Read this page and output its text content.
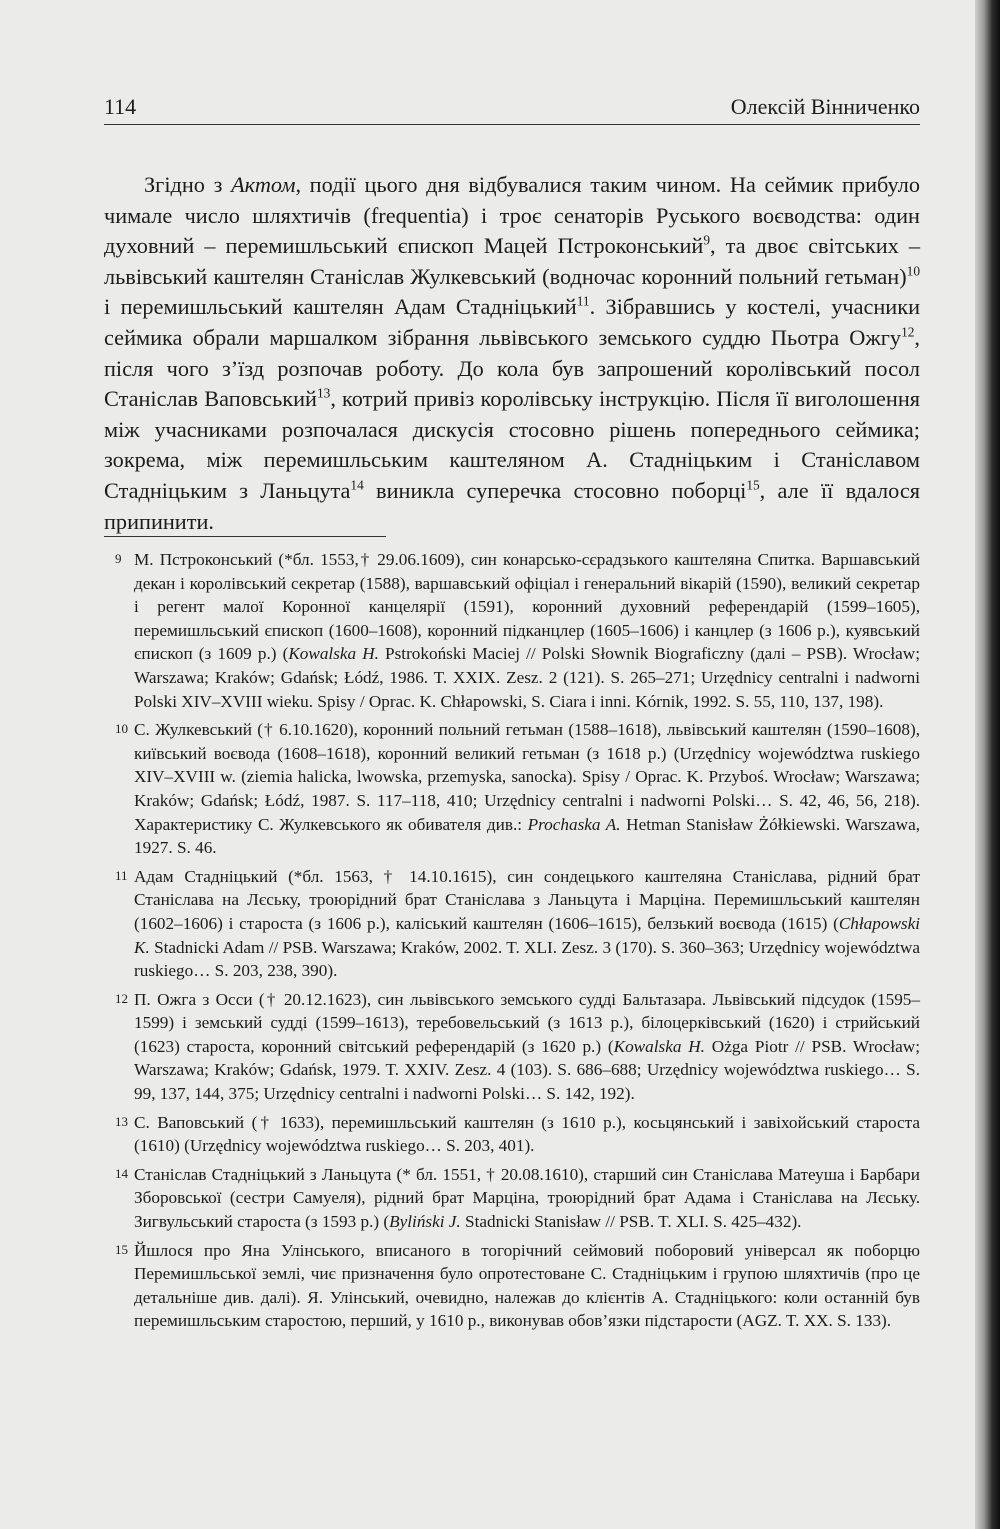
114	Олексій Вінниченко

Згідно з Актом, події цього дня відбувалися таким чином. На сеймик прибуло чимале число шляхтичів (frequentia) і троє сенаторів Руського воєводства: один духовний – перемишльський єпископ Мацей Пстроконський$^9$, та двоє світських – львівський каштелян Станіслав Жулкевський (водночас коронний польний гетьман)$^{10}$ і перемишльський каштелян Адам Стадніцький$^{11}$. Зібравшись у костелі, учасники сеймика обрали маршалком зібрання львівського земського суддю Пьотра Ожгу$^{12}$, після чого з’їзд розпочав роботу. До кола був запрошений королівський посол Станіслав Ваповський$^{13}$, котрий привіз королівську інструкцію. Після її виголошення між учасниками розпочалася дискусія стосовно рішень попереднього сеймика; зокрема, між перемишльським каштеляном А. Стадніцьким і Станіславом Стадніцьким з Ланьцута$^{14}$ виникла суперечка стосовно поборці$^{15}$, але її вдалося припинити.

9 М. Пстроконський (*бл. 1553,† 29.06.1609), син конарсько-сєрадзького каштеляна Спитка. Варшавський декан і королівський секретар (1588), варшавський офіціал і генеральний вікарій (1590), великий секретар і регент малої Коронної канцелярії (1591), коронний духовний референдарій (1599–1605), перемишльський єпископ (1600–1608), коронний підканцлер (1605–1606) і канцлер (з 1606 р.), куявський єпископ (з 1609 р.) (Kowalska H. Pstrokoński Maciej // Polski Słownik Biograficzny (далі – PSB). Wrocław; Warszawa; Kraków; Gdańsk; Łódź, 1986. T. XXIX. Zesz. 2 (121). S. 265–271; Urzędnicy centralni i nadworni Polski XIV–XVIII wieku. Spisy / Oprac. K. Chłapowski, S. Ciara i inni. Kórnik, 1992. S. 55, 110, 137, 198).
10 С. Жулкевський († 6.10.1620), коронний польний гетьман (1588–1618), львівський каштелян (1590–1608), київський воєвода (1608–1618), коронний великий гетьман (з 1618 р.) (Urzędnicy województwa ruskiego XIV–XVIII w. (ziemia halicka, lwowska, przemyska, sanocka). Spisy / Oprac. K. Przyboś. Wrocław; Warszawa; Kraków; Gdańsk; Łódź, 1987. S. 117–118, 410; Urzędnicy centralni i nadworni Polski… S. 42, 46, 56, 218). Характеристику С. Жулкевського як обивателя див.: Prochaska A. Hetman Stanisław Żółkiewski. Warszawa, 1927. S. 46.
11 Адам Стадніцький (*бл. 1563, † 14.10.1615), син сондецького каштеляна Станіслава, рідний брат Станіслава на Лєську, троюрідний брат Станіслава з Ланьцута і Марціна. Перемишльський каштелян (1602–1606) і староста (з 1606 р.), каліський каштелян (1606–1615), белзький воєвода (1615) (Chłapowski K. Stadnicki Adam // PSB. Warszawa; Kraków, 2002. T. XLI. Zesz. 3 (170). S. 360–363; Urzędnicy województwa ruskiego… S. 203, 238, 390).
12 П. Ожга з Осси († 20.12.1623), син львівського земського судді Бальтазара. Львівський підсудок (1595–1599) і земський судді (1599–1613), теребовельський (з 1613 р.), білоцерківський (1620) і стрийський (1623) староста, коронний світський референдарій (з 1620 р.) (Kowalska H. Ożga Piotr // PSB. Wrocław; Warszawa; Kraków; Gdańsk, 1979. T. XXIV. Zesz. 4 (103). S. 686–688; Urzędnicy województwa ruskiego… S. 99, 137, 144, 375; Urzędnicy centralni i nadworni Polski… S. 142, 192).
13 С. Ваповський († 1633), перемишльський каштелян (з 1610 р.), косьцянський і завіхойський староста (1610) (Urzędnicy województwa ruskiego… S. 203, 401).
14 Станіслав Стадніцький з Ланьцута (* бл. 1551, † 20.08.1610), старший син Станіслава Матеуша і Барбари Зборовської (сестри Самуеля), рідний брат Марціна, троюрідний брат Адама і Станіслава на Лєську. Зигвульський староста (з 1593 р.) (Byliński J. Stadnicki Stanisław // PSB. T. XLI. S. 425–432).
15 Йшлося про Яна Улінського, вписаного в тогорічний сеймовий поборовий універсал як поборцю Перемишльської землі, чиє призначення було опротестоване С. Стадніцьким і групою шляхтичів (про це детальніше див. далі). Я. Улінський, очевидно, належав до клієнтів А. Стадніцького: коли останній був перемишльським старостою, перший, у 1610 р., виконував обов’язки підстарости (AGZ. T. XX. S. 133).
